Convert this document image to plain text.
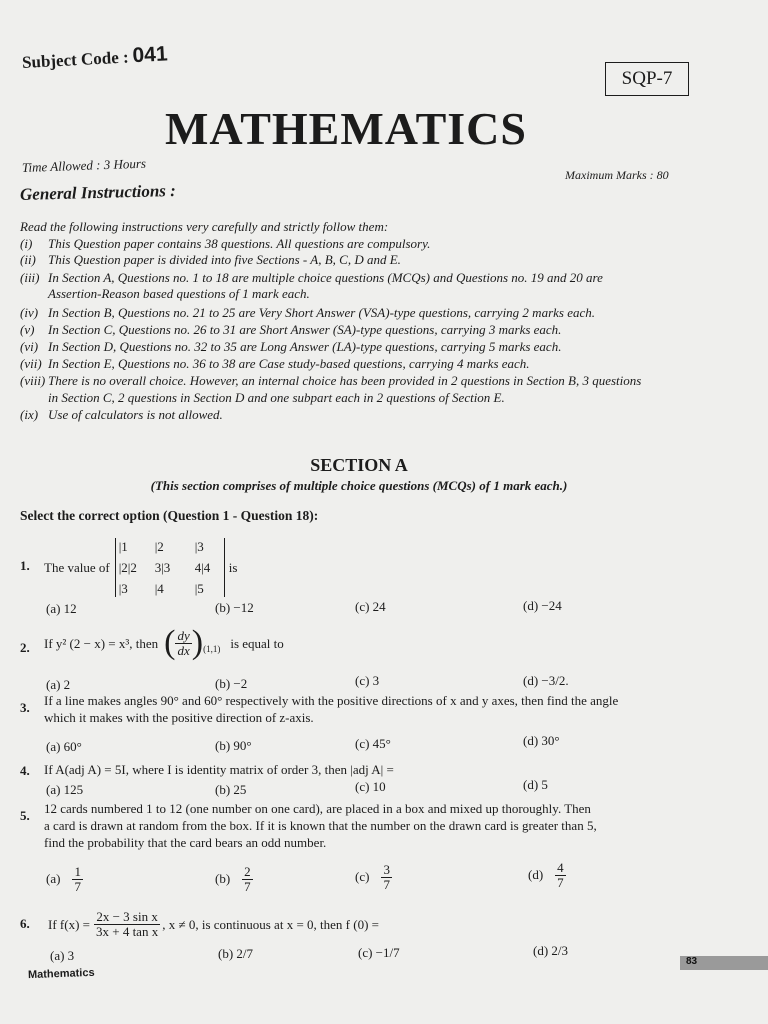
Subject Code : 041
SQP-7
MATHEMATICS
Time Allowed : 3 Hours
Maximum Marks : 80
General Instructions :
Read the following instructions very carefully and strictly follow them:
(i) This Question paper contains 38 questions. All questions are compulsory.
(ii) This Question paper is divided into five Sections - A, B, C, D and E.
(iii) In Section A, Questions no. 1 to 18 are multiple choice questions (MCQs) and Questions no. 19 and 20 are
Assertion-Reason based questions of 1 mark each.
(iv) In Section B, Questions no. 21 to 25 are Very Short Answer (VSA)-type questions, carrying 2 marks each.
(v) In Section C, Questions no. 26 to 31 are Short Answer (SA)-type questions, carrying 3 marks each.
(vi) In Section D, Questions no. 32 to 35 are Long Answer (LA)-type questions, carrying 5 marks each.
(vii) In Section E, Questions no. 36 to 38 are Case study-based questions, carrying 4 marks each.
(viii) There is no overall choice. However, an internal choice has been provided in 2 questions in Section B, 3 questions
in Section C, 2 questions in Section D and one subpart each in 2 questions of Section E.
(ix) Use of calculators is not allowed.
SECTION A
(This section comprises of multiple choice questions (MCQs) of 1 mark each.)
Select the correct option (Question 1 - Question 18):
1. The value of
|1	|2	|3
|2|2	3|3	4|4
|3	|4	|5
is
(a) 12	(b) −12	(c) 24	(d) −24
2. If y² (2 − x) = x³, then ( $\frac{dy}{dx}$ ) (1,1) is equal to
(a) 2	(b) −2	(c) 3	(d) −3/2.
3. If a line makes angles 90° and 60° respectively with the positive directions of x and y axes, then find the angle
which it makes with the positive direction of z-axis.
(a) 60°	(b) 90°	(c) 45°	(d) 30°
4. If A(adj A) = 5I, where I is identity matrix of order 3, then |adj A| =
(a) 125	(b) 25	(c) 10	(d) 5
5. 12 cards numbered 1 to 12 (one number on one card), are placed in a box and mixed up thoroughly. Then
a card is drawn at random from the box. If it is known that the number on the drawn card is greater than 5,
find the probability that the card bears an odd number.
$(a) \frac{1}{7}$	$(b) \frac{2}{7}$	$(c) \frac{3}{7}$	$(d) \frac{4}{7}$
6. If $f(x) = \frac{\text{2x − 3 sin x}}{\text{3x + 4 tan x}}$ , x ≠ 0, is continuous at x = 0, then f (0) =
(a) 3	(b) 2/7	(c) −1/7	(d) 2/3
Mathematics
83
